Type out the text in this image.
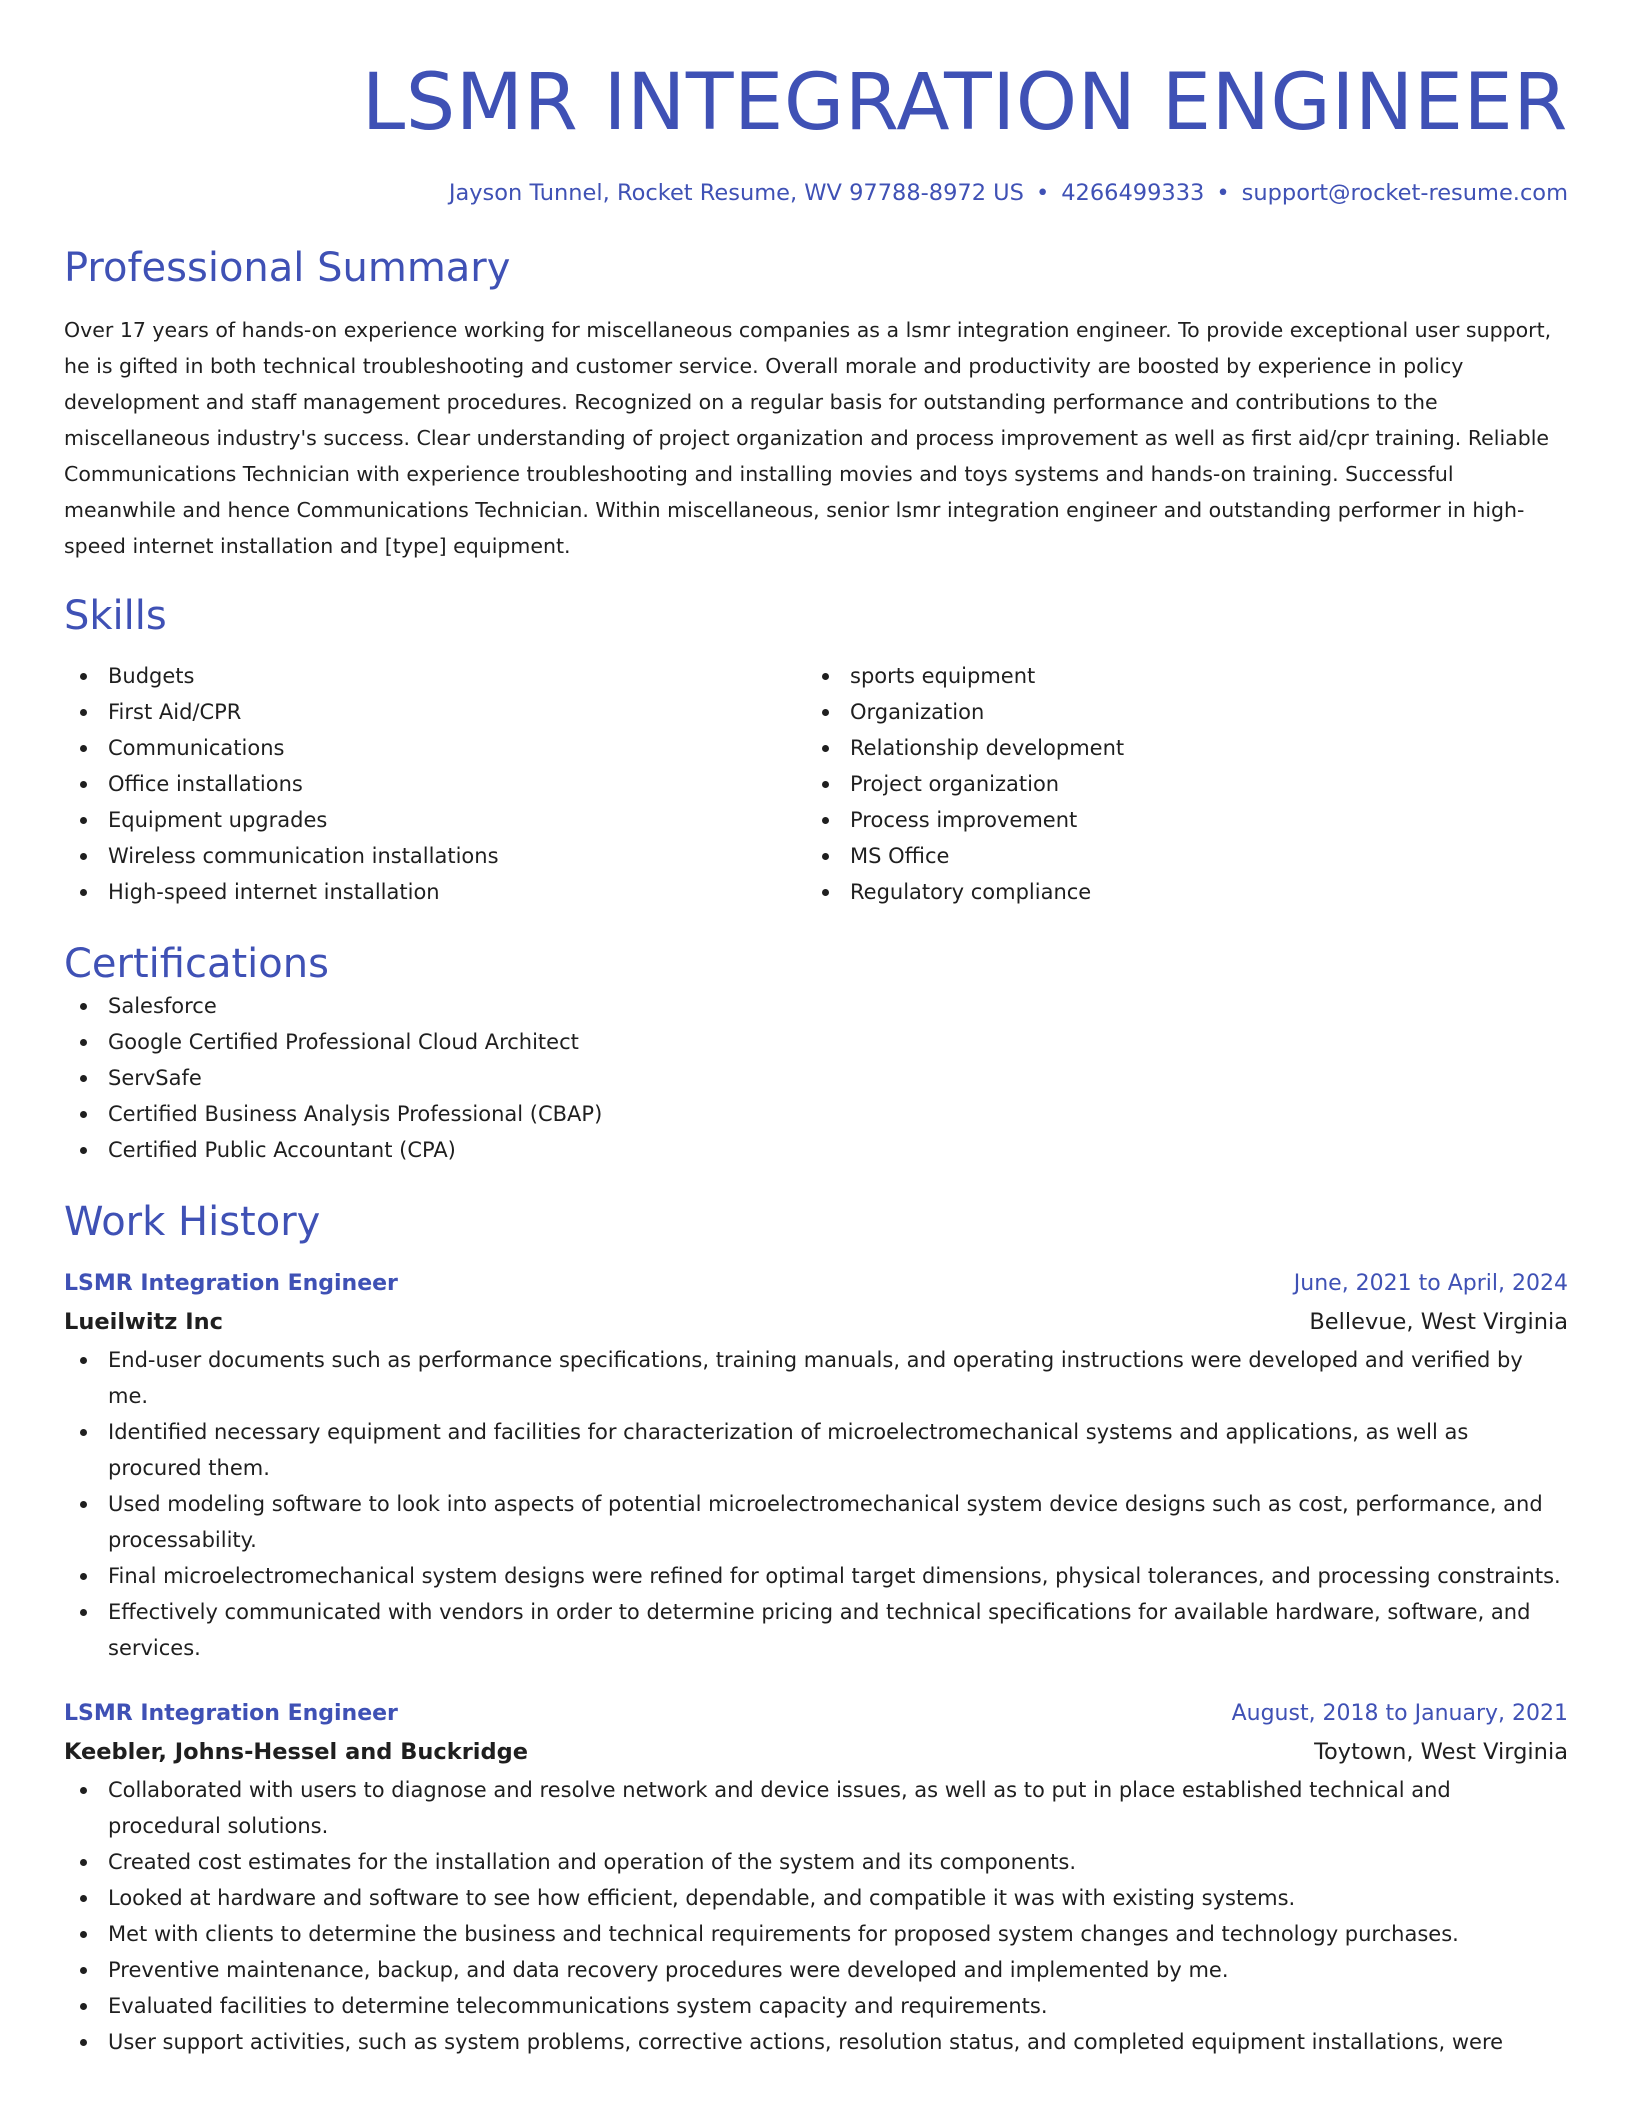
LSMR INTEGRATION ENGINEER
Jayson Tunnel, Rocket Resume, WV 97788-8972 US • 4266499333 • support@rocket-resume.com
Professional Summary

Over 17 years of hands-on experience working for miscellaneous companies as a lsmr integration engineer. To provide exceptional user support, he is gifted in both technical troubleshooting and customer service. Overall morale and productivity are boosted by experience in policy development and staff management procedures. Recognized on a regular basis for outstanding performance and contributions to the miscellaneous industry's success. Clear understanding of project organization and process improvement as well as first aid/cpr training. Reliable Communications Technician with experience troubleshooting and installing movies and toys systems and hands-on training. Successful meanwhile and hence Communications Technician. Within miscellaneous, senior lsmr integration engineer and outstanding performer in high-speed internet installation and [type] equipment.

Skills
Budgets
First Aid/CPR
Communications
Office installations
Equipment upgrades
Wireless communication installations
High-speed internet installation
sports equipment
Organization
Relationship development
Project organization
Process improvement
MS Office
Regulatory compliance
Certifications
Salesforce
Google Certified Professional Cloud Architect
ServSafe
Certified Business Analysis Professional (CBAP)
Certified Public Accountant (CPA)
Work History
LSMR Integration Engineer	June, 2021 to April, 2024
Lueilwitz Inc	Bellevue, West Virginia
End-user documents such as performance specifications, training manuals, and operating instructions were developed and verified by me.
Identified necessary equipment and facilities for characterization of microelectromechanical systems and applications, as well as procured them.
Used modeling software to look into aspects of potential microelectromechanical system device designs such as cost, performance, and processability.
Final microelectromechanical system designs were refined for optimal target dimensions, physical tolerances, and processing constraints.
Effectively communicated with vendors in order to determine pricing and technical specifications for available hardware, software, and services.
LSMR Integration Engineer	August, 2018 to January, 2021
Keebler, Johns-Hessel and Buckridge	Toytown, West Virginia
Collaborated with users to diagnose and resolve network and device issues, as well as to put in place established technical and procedural solutions.
Created cost estimates for the installation and operation of the system and its components.
Looked at hardware and software to see how efficient, dependable, and compatible it was with existing systems.
Met with clients to determine the business and technical requirements for proposed system changes and technology purchases.
Preventive maintenance, backup, and data recovery procedures were developed and implemented by me.
Evaluated facilities to determine telecommunications system capacity and requirements.
User support activities, such as system problems, corrective actions, resolution status, and completed equipment installations, were
